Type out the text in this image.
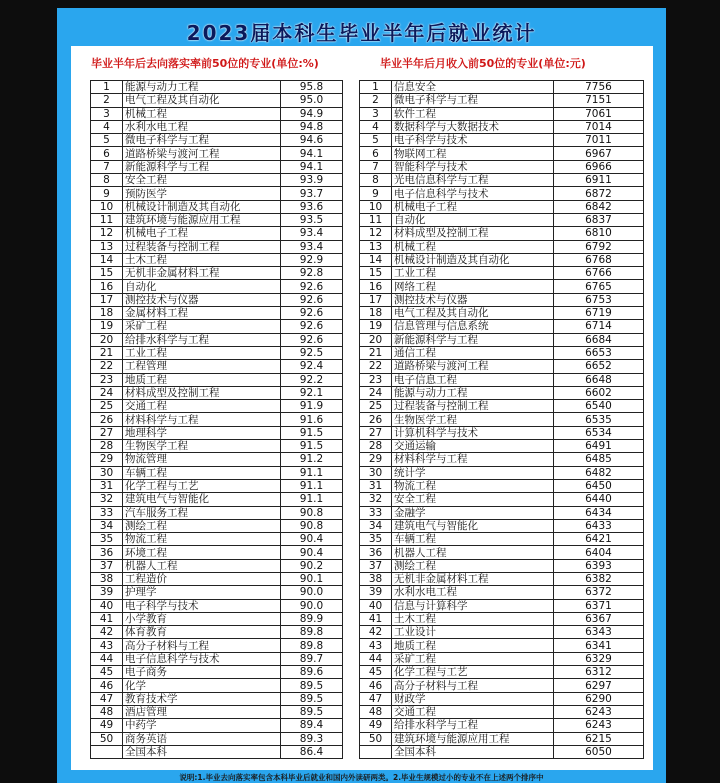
2023届本科生毕业半年后就业统计
毕业半年后去向落实率前50位的专业(单位:%)	毕业半年后月收入前50位的专业(单位:元)
1	能源与动力工程	95.8
2	电气工程及其自动化	95.0
3	机械工程	94.9
4	水利水电工程	94.8
5	微电子科学与工程	94.6
6	道路桥梁与渡河工程	94.1
7	新能源科学与工程	94.1
8	安全工程	93.9
9	预防医学	93.7
10	机械设计制造及其自动化	93.6
11	建筑环境与能源应用工程	93.5
12	机械电子工程	93.4
13	过程装备与控制工程	93.4
14	土木工程	92.9
15	无机非金属材料工程	92.8
16	自动化	92.6
17	测控技术与仪器	92.6
18	金属材料工程	92.6
19	采矿工程	92.6
20	给排水科学与工程	92.6
21	工业工程	92.5
22	工程管理	92.4
23	地质工程	92.2
24	材料成型及控制工程	92.1
25	交通工程	91.9
26	材料科学与工程	91.6
27	地理科学	91.5
28	生物医学工程	91.5
29	物流管理	91.2
30	车辆工程	91.1
31	化学工程与工艺	91.1
32	建筑电气与智能化	91.1
33	汽车服务工程	90.8
34	测绘工程	90.8
35	物流工程	90.4
36	环境工程	90.4
37	机器人工程	90.2
38	工程造价	90.1
39	护理学	90.0
40	电子科学与技术	90.0
41	小学教育	89.9
42	体育教育	89.8
43	高分子材料与工程	89.8
44	电子信息科学与技术	89.7
45	电子商务	89.6
46	化学	89.5
47	教育技术学	89.5
48	酒店管理	89.5
49	中药学	89.4
50	商务英语	89.3
	全国本科	86.4
1	信息安全	7756
2	微电子科学与工程	7151
3	软件工程	7061
4	数据科学与大数据技术	7014
5	电子科学与技术	7011
6	物联网工程	6967
7	智能科学与技术	6966
8	光电信息科学与工程	6911
9	电子信息科学与技术	6872
10	机械电子工程	6842
11	自动化	6837
12	材料成型及控制工程	6810
13	机械工程	6792
14	机械设计制造及其自动化	6768
15	工业工程	6766
16	网络工程	6765
17	测控技术与仪器	6753
18	电气工程及其自动化	6719
19	信息管理与信息系统	6714
20	新能源科学与工程	6684
21	通信工程	6653
22	道路桥梁与渡河工程	6652
23	电子信息工程	6648
24	能源与动力工程	6602
25	过程装备与控制工程	6540
26	生物医学工程	6535
27	计算机科学与技术	6534
28	交通运输	6491
29	材料科学与工程	6485
30	统计学	6482
31	物流工程	6450
32	安全工程	6440
33	金融学	6434
34	建筑电气与智能化	6433
35	车辆工程	6421
36	机器人工程	6404
37	测绘工程	6393
38	无机非金属材料工程	6382
39	水利水电工程	6372
40	信息与计算科学	6371
41	土木工程	6367
42	工业设计	6343
43	地质工程	6341
44	采矿工程	6329
45	化学工程与工艺	6312
46	高分子材料与工程	6297
47	财政学	6290
48	交通工程	6243
49	给排水科学与工程	6243
50	建筑环境与能源应用工程	6215
	全国本科	6050
说明:1.毕业去向落实率包含本科毕业后就业和国内外读研两类。2.毕业生规模过小的专业不在上述两个排序中
